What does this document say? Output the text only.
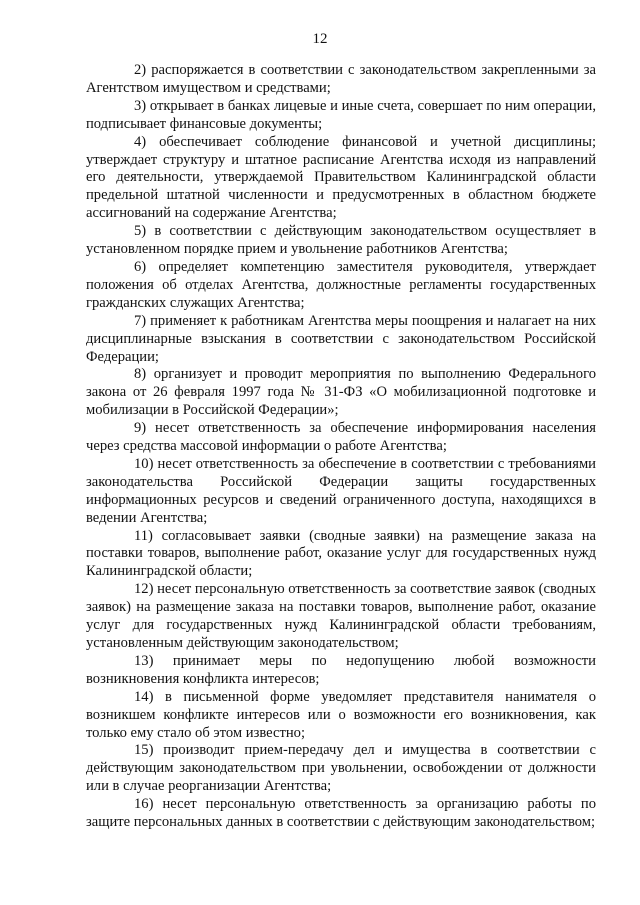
12

2) распоряжается в соответствии с законодательством закрепленными за Агентством имуществом и средствами;

3) открывает в банках лицевые и иные счета, совершает по ним операции, подписывает финансовые документы;

4) обеспечивает соблюдение финансовой и учетной дисциплины; утверждает структуру и штатное расписание Агентства исходя из направлений его деятельности, утверждаемой Правительством Калининградской области предельной штатной численности и предусмотренных в областном бюджете ассигнований на содержание Агентства;

5) в соответствии с действующим законодательством осуществляет в установленном порядке прием и увольнение работников Агентства;

6) определяет компетенцию заместителя руководителя, утверждает положения об отделах Агентства, должностные регламенты государственных гражданских служащих Агентства;

7) применяет к работникам Агентства меры поощрения и налагает на них дисциплинарные взыскания в соответствии с законодательством Российской Федерации;

8) организует и проводит мероприятия по выполнению Федерального закона от 26 февраля 1997 года № 31-ФЗ «О мобилизационной подготовке и мобилизации в Российской Федерации»;

9) несет ответственность за обеспечение информирования населения через средства массовой информации о работе Агентства;

10) несет ответственность за обеспечение в соответствии с требованиями законодательства Российской Федерации защиты государственных информационных ресурсов и сведений ограниченного доступа, находящихся в ведении Агентства;

11) согласовывает заявки (сводные заявки) на размещение заказа на поставки товаров, выполнение работ, оказание услуг для государственных нужд Калининградской области;

12) несет персональную ответственность за соответствие заявок (сводных заявок) на размещение заказа на поставки товаров, выполнение работ, оказание услуг для государственных нужд Калининградской области требованиям, установленным действующим законодательством;

13) принимает меры по недопущению любой возможности возникновения конфликта интересов;

14) в письменной форме уведомляет представителя нанимателя о возникшем конфликте интересов или о возможности его возникновения, как только ему стало об этом известно;

15) производит прием-передачу дел и имущества в соответствии с действующим законодательством при увольнении, освобождении от должности или в случае реорганизации Агентства;

16) несет персональную ответственность за организацию работы по защите персональных данных в соответствии с действующим законодательством;
